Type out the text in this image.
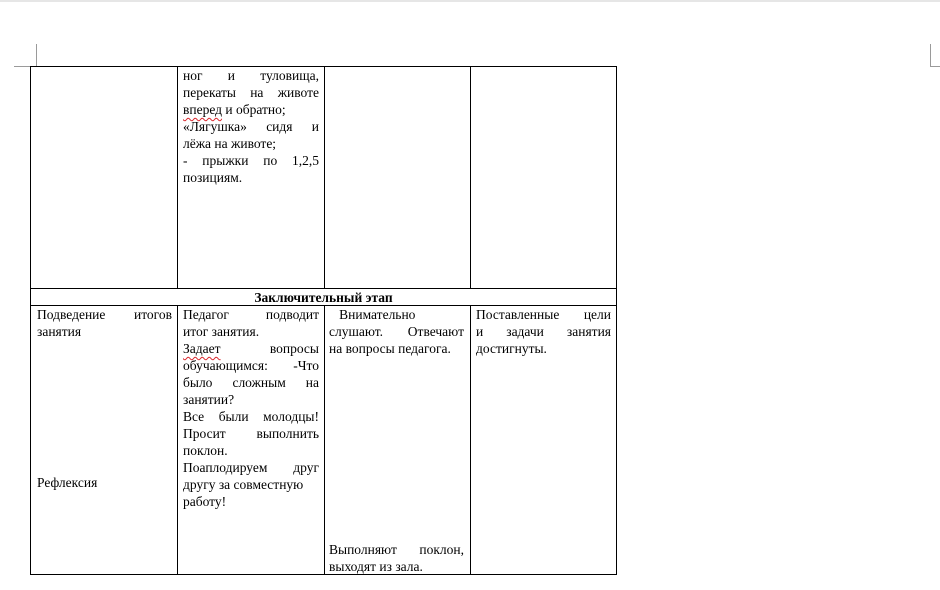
ног и туловища,
перекаты на животе
вперед и обратно;
«Лягушка» сидя и
лёжа на животе;
- прыжки по 1,2,5
позициям.
Заключительный этап
Подведение итогов
занятия
Рефлексия
Педагог	подводит
итог занятия.
Задает	вопросы
обучающимся: -Что
было сложным на
занятии?
Все были молодцы!
Просит выполнить
поклон.
Поаплодируем друг
другу за совместную
работу!
Внимательно
слушают. Отвечают
на вопросы педагога.
Выполняют поклон,
выходят из зала.
Поставленные цели
и задачи занятия
достигнуты.
